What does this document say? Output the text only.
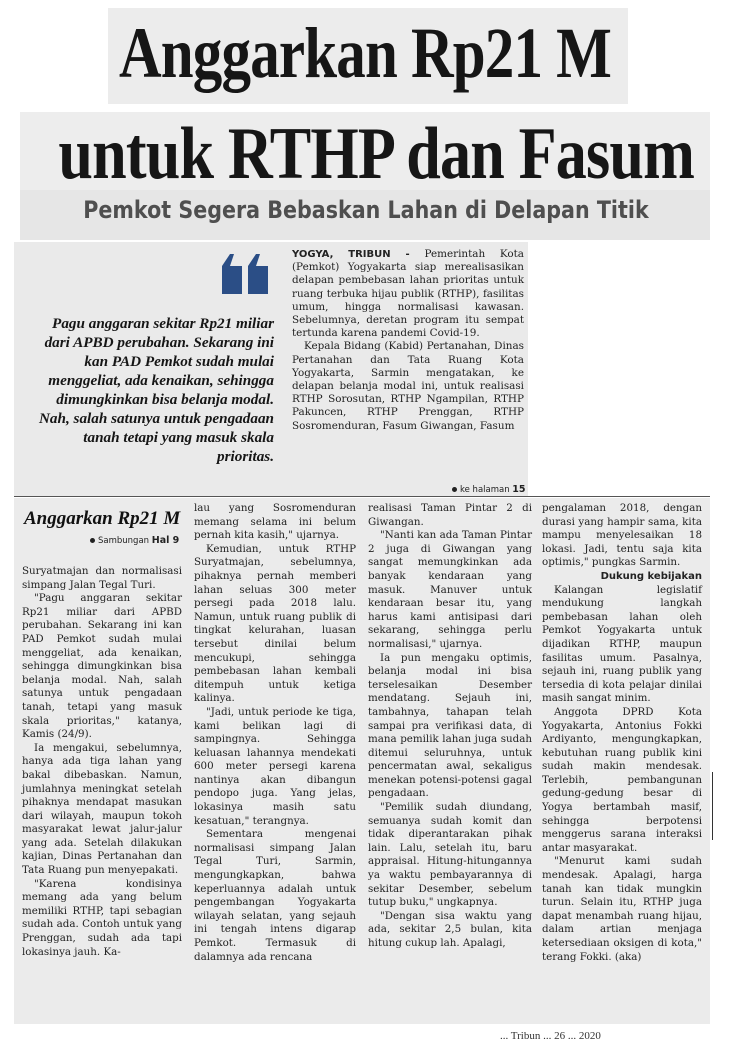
Anggarkan Rp21 M
untuk RTHP dan Fasum
Pemkot Segera Bebaskan Lahan di Delapan Titik
Pagu anggaran sekitar Rp21 miliar dari APBD perubahan. Sekarang ini kan PAD Pemkot sudah mulai menggeliat, ada kenaikan, sehingga dimungkinkan bisa belanja modal. Nah, salah satunya untuk pengadaan tanah tetapi yang masuk skala prioritas.

YOGYA, TRIBUN - Pemerintah Kota (Pemkot) Yogyakarta siap merealisasikan delapan pembebasan lahan prioritas untuk ruang terbuka hijau publik (RTHP), fasilitas umum, hingga normalisasi kawasan. Sebelumnya, deretan program itu sempat tertunda karena pandemi Covid-19.

Kepala Bidang (Kabid) Pertanahan, Dinas Pertanahan dan Tata Ruang Kota Yogyakarta, Sarmin mengatakan, ke delapan belanja modal ini, untuk realisasi RTHP Sorosutan, RTHP Ngampilan, RTHP Pakuncen, RTHP Prenggan, RTHP Sosromenduran, Fasum Giwangan, Fasum

ke halaman 15
Anggarkan Rp21 M
Sambungan Hal 9

Suryatmajan dan normalisasi simpang Jalan Tegal Turi.

"Pagu anggaran sekitar Rp21 miliar dari APBD perubahan. Sekarang ini kan PAD Pemkot sudah mulai menggeliat, ada kenaikan, sehingga dimungkinkan bisa belanja modal. Nah, salah satunya untuk pengadaan tanah, tetapi yang masuk skala prioritas," katanya, Kamis (24/9).

Ia mengakui, sebelumnya, hanya ada tiga lahan yang bakal dibebaskan. Namun, jumlahnya meningkat setelah pihaknya mendapat masukan dari wilayah, maupun tokoh masyarakat lewat jalur-jalur yang ada. Setelah dilakukan kajian, Dinas Pertanahan dan Tata Ruang pun menyepakati.

"Karena kondisinya memang ada yang belum memiliki RTHP, tapi sebagian sudah ada. Contoh untuk yang Prenggan, sudah ada tapi lokasinya jauh. Ka-

lau yang Sosromenduran memang selama ini belum pernah kita kasih," ujarnya.

Kemudian, untuk RTHP Suryatmajan, sebelumnya, pihaknya pernah memberi lahan seluas 300 meter persegi pada 2018 lalu. Namun, untuk ruang publik di tingkat kelurahan, luasan tersebut dinilai belum mencukupi, sehingga pembebasan lahan kembali ditempuh untuk ketiga kalinya.

"Jadi, untuk periode ke tiga, kami belikan lagi di sampingnya. Sehingga keluasan lahannya mendekati 600 meter persegi karena nantinya akan dibangun pendopo juga. Yang jelas, lokasinya masih satu kesatuan," terangnya.

Sementara mengenai normalisasi simpang Jalan Tegal Turi, Sarmin, mengungkapkan, bahwa keperluannya adalah untuk pengembangan Yogyakarta wilayah selatan, yang sejauh ini tengah intens digarap Pemkot. Termasuk di dalamnya ada rencana

realisasi Taman Pintar 2 di Giwangan.

"Nanti kan ada Taman Pintar 2 juga di Giwangan yang sangat memungkinkan ada banyak kendaraan yang masuk. Manuver untuk kendaraan besar itu, yang harus kami antisipasi dari sekarang, sehingga perlu normalisasi," ujarnya.

Ia pun mengaku optimis, belanja modal ini bisa terselesaikan Desember mendatang. Sejauh ini, tambahnya, tahapan telah sampai pra verifikasi data, di mana pemilik lahan juga sudah ditemui seluruhnya, untuk pencermatan awal, sekaligus menekan potensi-potensi gagal pengadaan.

"Pemilik sudah diundang, semuanya sudah komit dan tidak diperantarakan pihak lain. Lalu, setelah itu, baru appraisal. Hitung-hitungannya ya waktu pembayarannya di sekitar Desember, sebelum tutup buku," ungkapnya.

"Dengan sisa waktu yang ada, sekitar 2,5 bulan, kita hitung cukup lah. Apalagi,

pengalaman 2018, dengan durasi yang hampir sama, kita mampu menyelesaikan 18 lokasi. Jadi, tentu saja kita optimis," pungkas Sarmin.

Dukung kebijakan

Kalangan legislatif mendukung langkah pembebasan lahan oleh Pemkot Yogyakarta untuk dijadikan RTHP, maupun fasilitas umum. Pasalnya, sejauh ini, ruang publik yang tersedia di kota pelajar dinilai masih sangat minim.

Anggota DPRD Kota Yogyakarta, Antonius Fokki Ardiyanto, mengungkapkan, kebutuhan ruang publik kini sudah makin mendesak. Terlebih, pembangunan gedung-gedung besar di Yogya bertambah masif, sehingga berpotensi menggerus sarana interaksi antar masyarakat.

"Menurut kami sudah mendesak. Apalagi, harga tanah kan tidak mungkin turun. Selain itu, RTHP juga dapat menambah ruang hijau, dalam artian menjaga ketersediaan oksigen di kota," terang Fokki. (aka)

... Tribun ... 26 ... 2020
